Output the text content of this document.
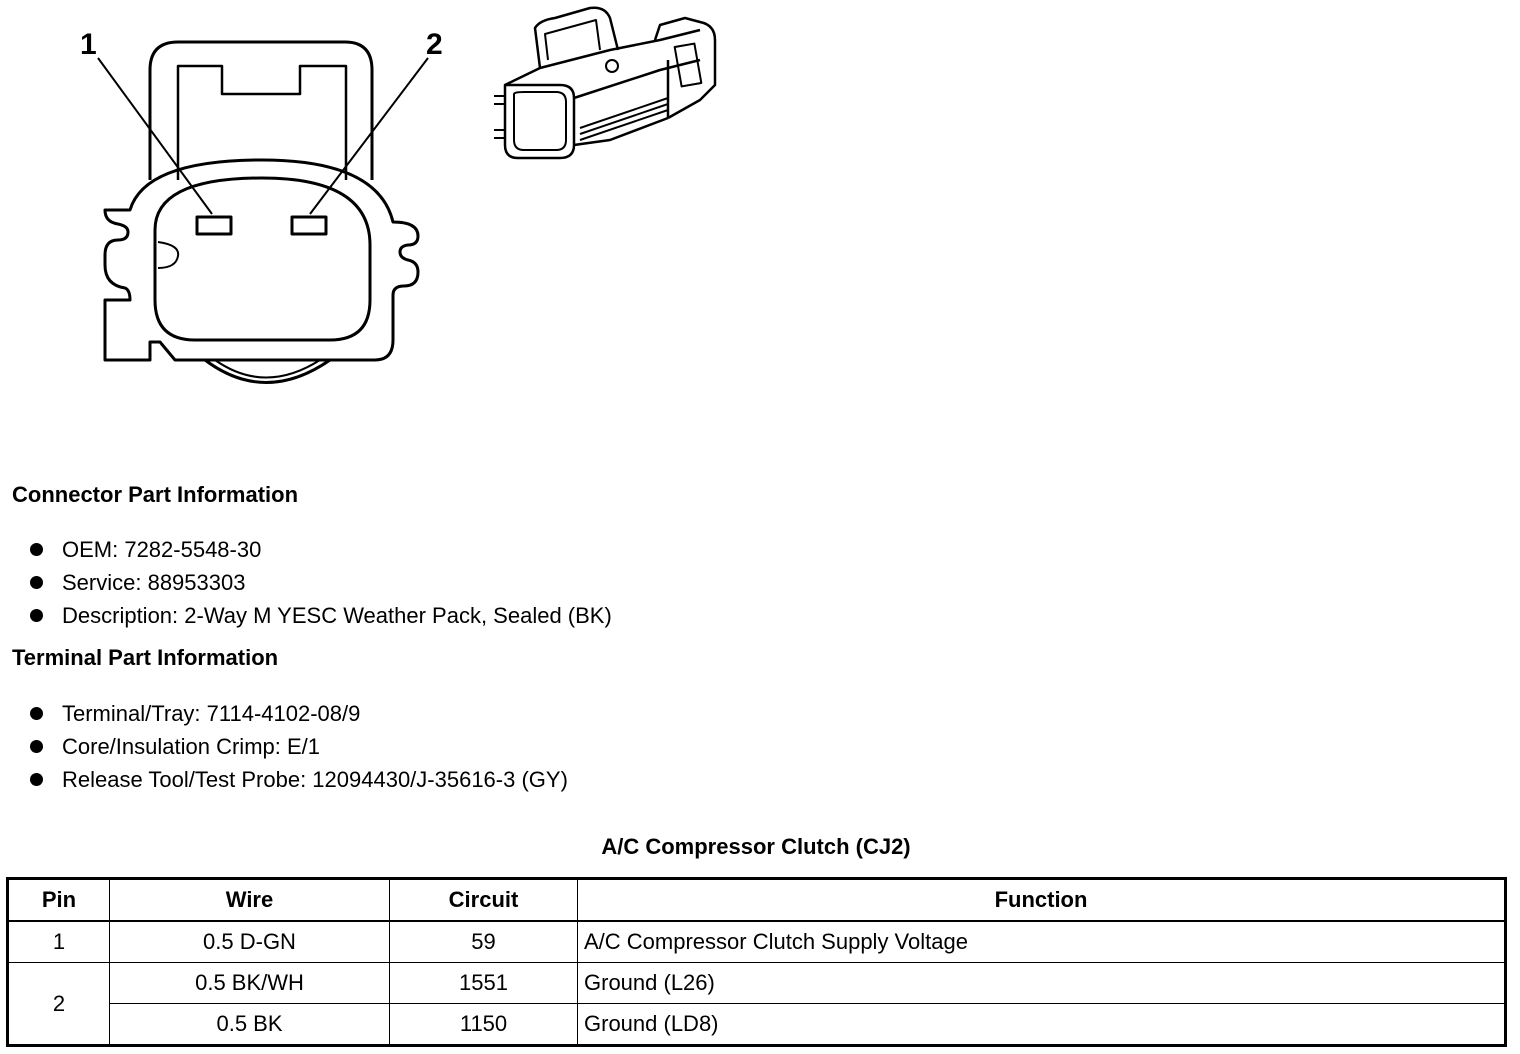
1	2
Connector Part Information
OEM: 7282-5548-30
Service: 88953303
Description: 2-Way M YESC Weather Pack, Sealed (BK)
Terminal Part Information
Terminal/Tray: 7114-4102-08/9
Core/Insulation Crimp: E/1
Release Tool/Test Probe: 12094430/J-35616-3 (GY)
A/C Compressor Clutch (CJ2)
Pin	Wire	Circuit	Function
1	0.5 D-GN	59	A/C Compressor Clutch Supply Voltage
2	0.5 BK/WH	1551	Ground (L26)
	0.5 BK	1150	Ground (LD8)
